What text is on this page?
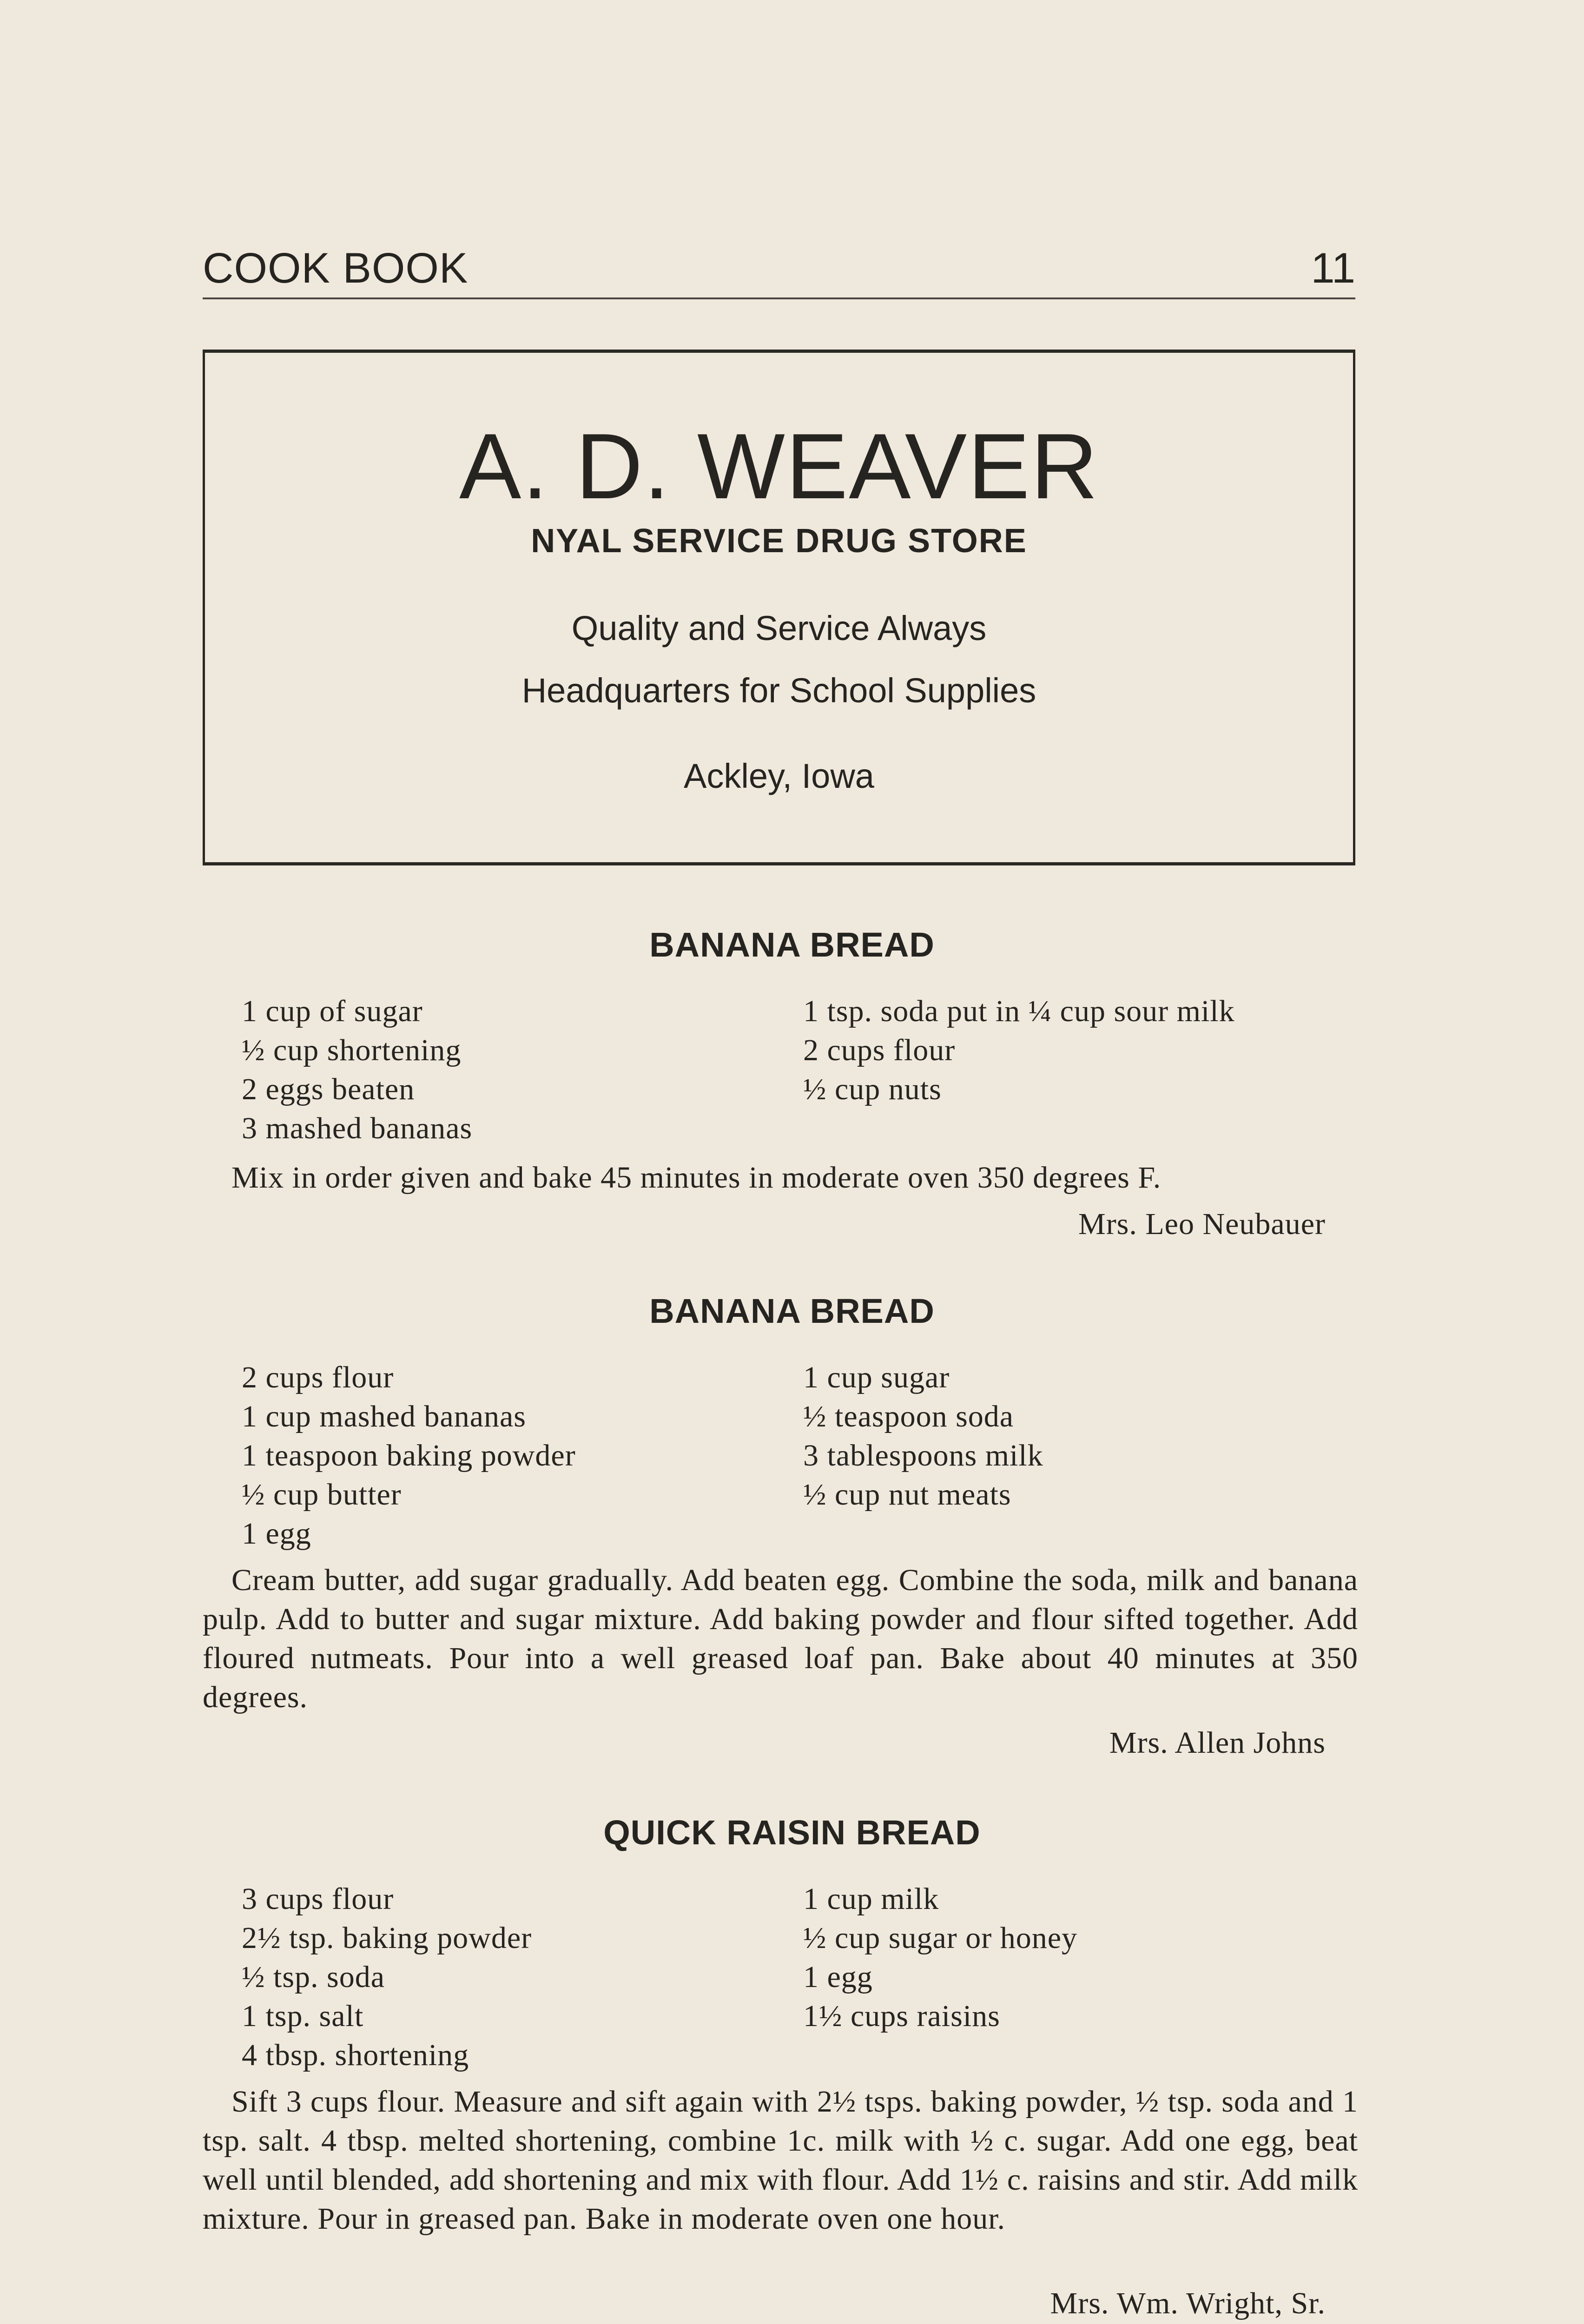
COOK BOOK	11
A. D. WEAVER
NYAL SERVICE DRUG STORE
Quality and Service Always
Headquarters for School Supplies
Ackley, Iowa
BANANA BREAD
1 cup of sugar
½ cup shortening
2 eggs beaten
3 mashed bananas
1 tsp. soda put in ¼ cup sour milk
2 cups flour
½ cup nuts
Mix in order given and bake 45 minutes in moderate oven 350 degrees F.
Mrs. Leo Neubauer
BANANA BREAD
2 cups flour
1 cup mashed bananas
1 teaspoon baking powder
½ cup butter
1 egg
1 cup sugar
½ teaspoon soda
3 tablespoons milk
½ cup nut meats
Cream butter, add sugar gradually. Add beaten egg. Combine the soda, milk and banana pulp. Add to butter and sugar mixture. Add baking powder and flour sifted together. Add floured nutmeats. Pour into a well greased loaf pan. Bake about 40 minutes at 350 degrees.
Mrs. Allen Johns
QUICK RAISIN BREAD
3 cups flour
2½ tsp. baking powder
½ tsp. soda
1 tsp. salt
4 tbsp. shortening
1 cup milk
½ cup sugar or honey
1 egg
1½ cups raisins
Sift 3 cups flour. Measure and sift again with 2½ tsps. baking powder, ½ tsp. soda and 1 tsp. salt. 4 tbsp. melted shortening, combine 1c. milk with ½ c. sugar. Add one egg, beat well until blended, add shortening and mix with flour. Add 1½ c. raisins and stir. Add milk mixture. Pour in greased pan. Bake in moderate oven one hour.
Mrs. Wm. Wright, Sr.
